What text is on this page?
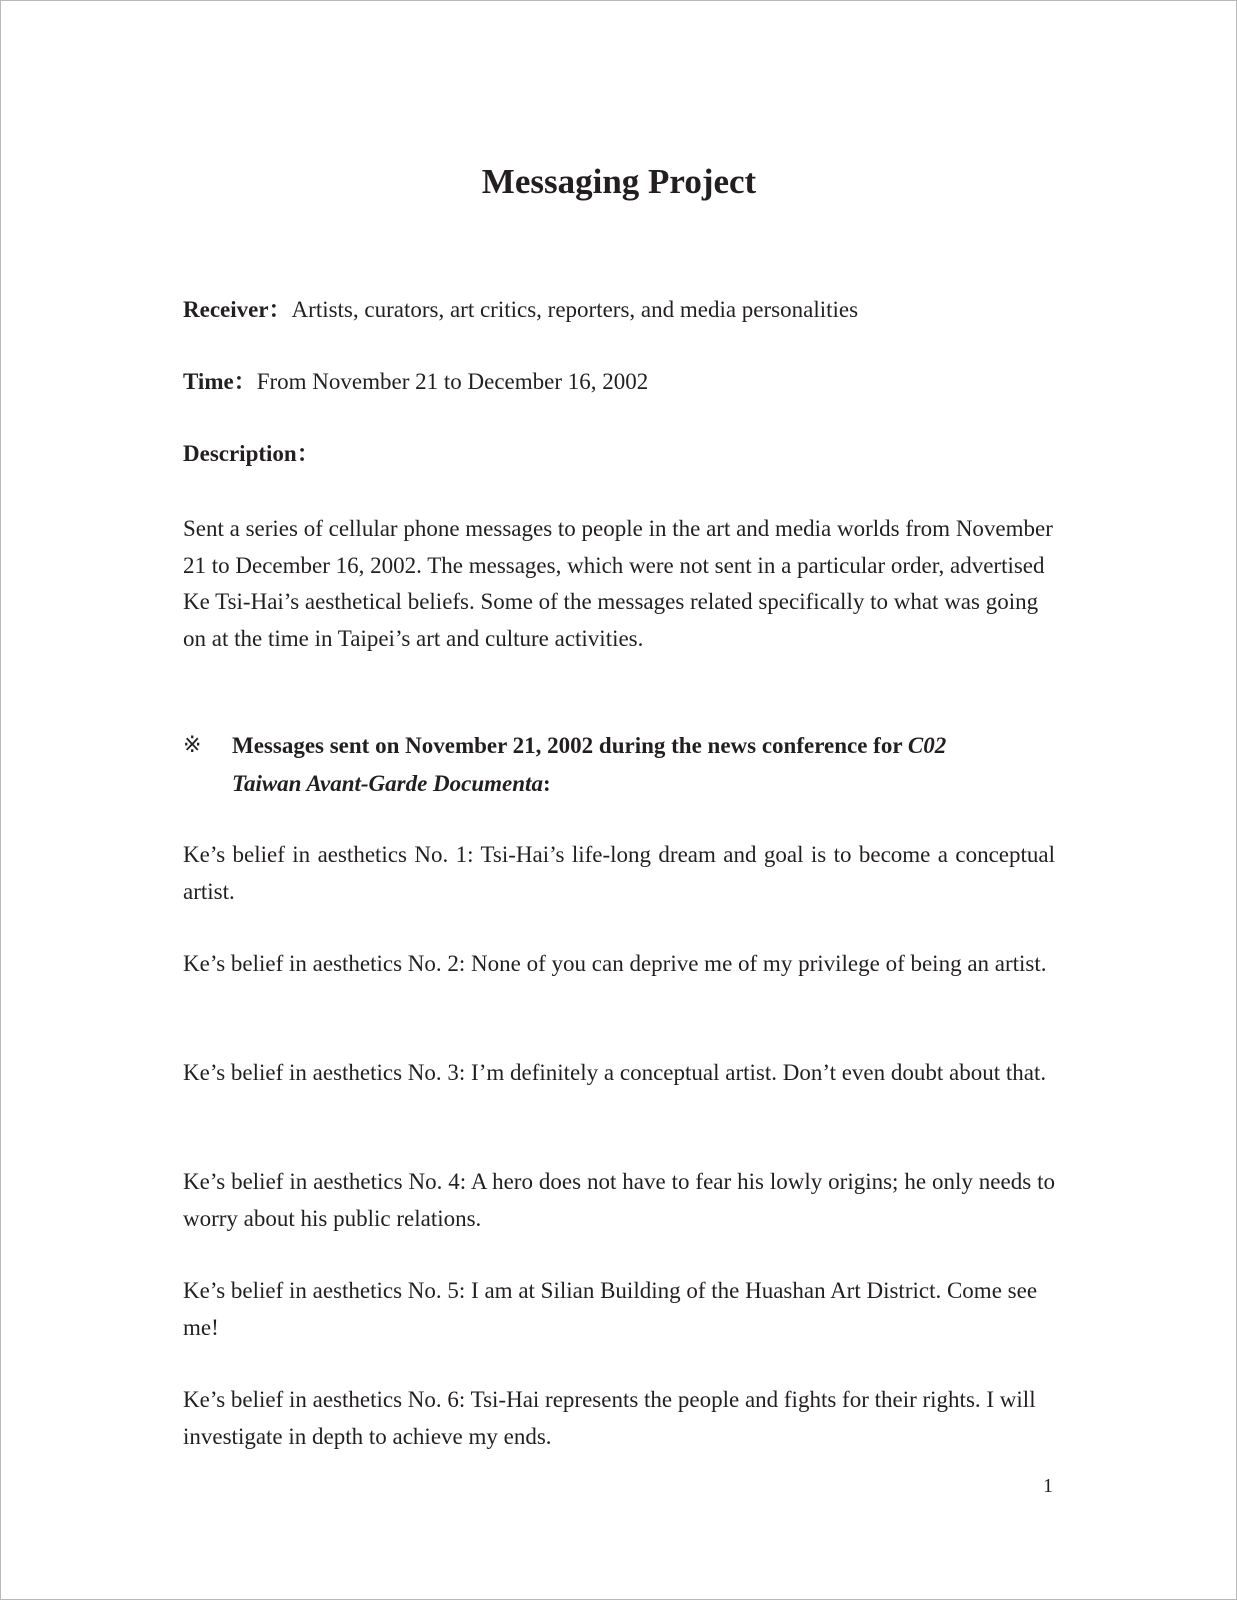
Messaging Project

Receiver：Artists, curators, art critics, reporters, and media personalities

Time：From November 21 to December 16, 2002

Description：

Sent a series of cellular phone messages to people in the art and media worlds from November 21 to December 16, 2002. The messages, which were not sent in a particular order, advertised Ke Tsi-Hai’s aesthetical beliefs. Some of the messages related specifically to what was going on at the time in Taipei’s art and culture activities.

※ Messages sent on November 21, 2002 during the news conference for C02 Taiwan Avant-Garde Documenta:

Ke’s belief in aesthetics No. 1: Tsi-Hai’s life-long dream and goal is to become a conceptual artist.

Ke’s belief in aesthetics No. 2: None of you can deprive me of my privilege of being an artist.

Ke’s belief in aesthetics No. 3: I’m definitely a conceptual artist. Don’t even doubt about that.

Ke’s belief in aesthetics No. 4: A hero does not have to fear his lowly origins; he only needs to worry about his public relations.

Ke’s belief in aesthetics No. 5: I am at Silian Building of the Huashan Art District. Come see me!

Ke’s belief in aesthetics No. 6: Tsi-Hai represents the people and fights for their rights. I will investigate in depth to achieve my ends.

1
